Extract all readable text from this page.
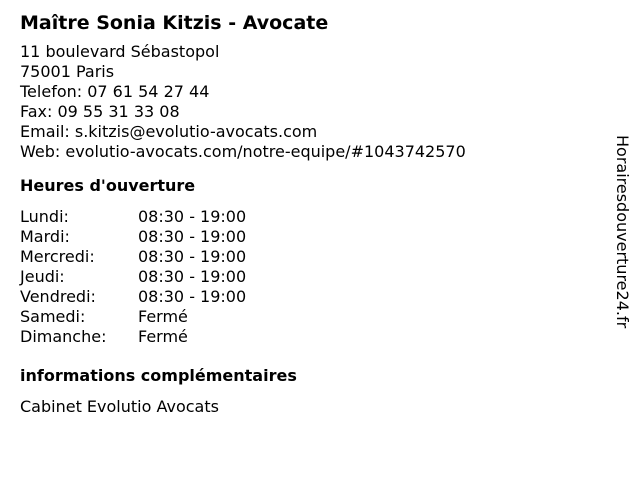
Maître Sonia Kitzis - Avocate
11 boulevard Sébastopol
75001 Paris
Telefon: 07 61 54 27 44
Fax: 09 55 31 33 08
Email: s.kitzis@evolutio-avocats.com
Web: evolutio-avocats.com/notre-equipe/#1043742570
Heures d'ouverture
Lundi:	08:30 - 19:00
Mardi:	08:30 - 19:00
Mercredi:	08:30 - 19:00
Jeudi:	08:30 - 19:00
Vendredi:	08:30 - 19:00
Samedi:	Fermé
Dimanche:	Fermé
informations complémentaires
Cabinet Evolutio Avocats
Horairesdouverture24.fr
